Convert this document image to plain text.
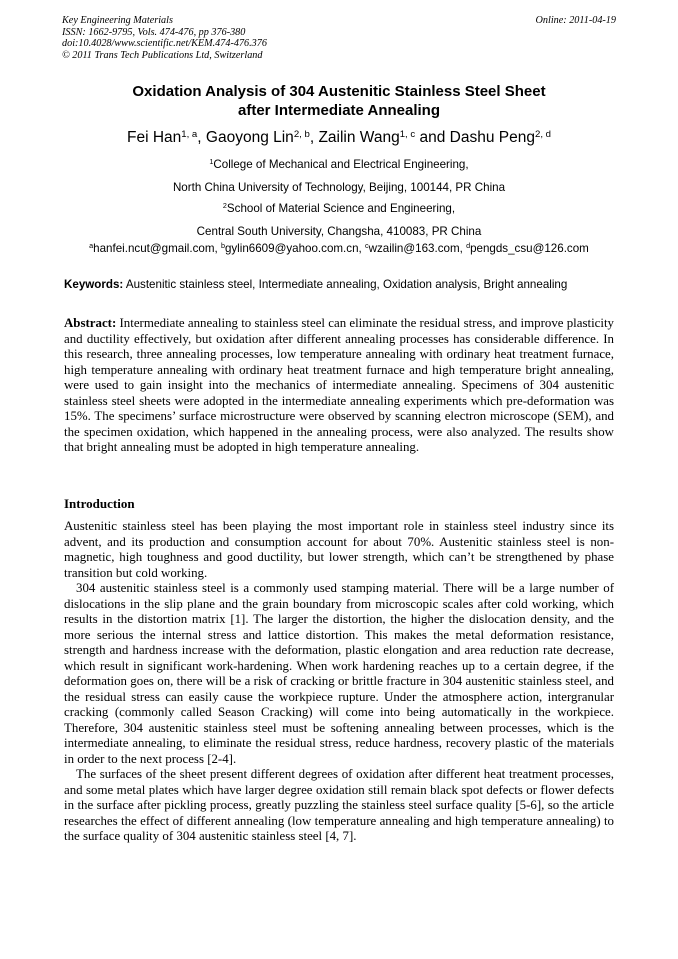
Key Engineering Materials
ISSN: 1662-9795, Vols. 474-476, pp 376-380
doi:10.4028/www.scientific.net/KEM.474-476.376
© 2011 Trans Tech Publications Ltd, Switzerland
Online: 2011-04-19
Oxidation Analysis of 304 Austenitic Stainless Steel Sheet
after Intermediate Annealing
Fei Han$^{1, a}$, Gaoyong Lin$^{2, b}$, Zailin Wang$^{1, c}$ and Dashu Peng$^{2, d}$
$^1$College of Mechanical and Electrical Engineering,
North China University of Technology, Beijing, 100144, PR China
$^2$School of Material Science and Engineering,
Central South University, Changsha, 410083, PR China
$^a$hanfei.ncut@gmail.com, $^b$gylin6609@yahoo.com.cn, $^c$wzailin@163.com, $^d$pengds_csu@126.com
Keywords: Austenitic stainless steel, Intermediate annealing, Oxidation analysis, Bright annealing
Abstract: Intermediate annealing to stainless steel can eliminate the residual stress, and improve plasticity and ductility effectively, but oxidation after different annealing processes has considerable difference. In this research, three annealing processes, low temperature annealing with ordinary heat treatment furnace, high temperature annealing with ordinary heat treatment furnace and high temperature bright annealing, were used to gain insight into the mechanics of intermediate annealing. Specimens of 304 austenitic stainless steel sheets were adopted in the intermediate annealing experiments which pre-deformation was 15%. The specimens’ surface microstructure were observed by scanning electron microscope (SEM), and the specimen oxidation, which happened in the annealing process, were also analyzed. The results show that bright annealing must be adopted in high temperature annealing.
Introduction

Austenitic stainless steel has been playing the most important role in stainless steel industry since its advent, and its production and consumption account for about 70%. Austenitic stainless steel is non-magnetic, high toughness and good ductility, but lower strength, which can’t be strengthened by phase transition but cold working.

304 austenitic stainless steel is a commonly used stamping material. There will be a large number of dislocations in the slip plane and the grain boundary from microscopic scales after cold working, which results in the distortion matrix [1]. The larger the distortion, the higher the dislocation density, and the more serious the internal stress and lattice distortion. This makes the metal deformation resistance, strength and hardness increase with the deformation, plastic elongation and area reduction rate decrease, which result in significant work-hardening. When work hardening reaches up to a certain degree, if the deformation goes on, there will be a risk of cracking or brittle fracture in 304 austenitic stainless steel, and the residual stress can easily cause the workpiece rupture. Under the atmosphere action, intergranular cracking (commonly called Season Cracking) will come into being automatically in the workpiece. Therefore, 304 austenitic stainless steel must be softening annealing between processes, which is the intermediate annealing, to eliminate the residual stress, reduce hardness, recovery plastic of the materials in order to the next process [2-4].

The surfaces of the sheet present different degrees of oxidation after different heat treatment processes, and some metal plates which have larger degree oxidation still remain black spot defects or flower defects in the surface after pickling process, greatly puzzling the stainless steel surface quality [5-6], so the article researches the effect of different annealing (low temperature annealing and high temperature annealing) to the surface quality of 304 austenitic stainless steel [4, 7].
